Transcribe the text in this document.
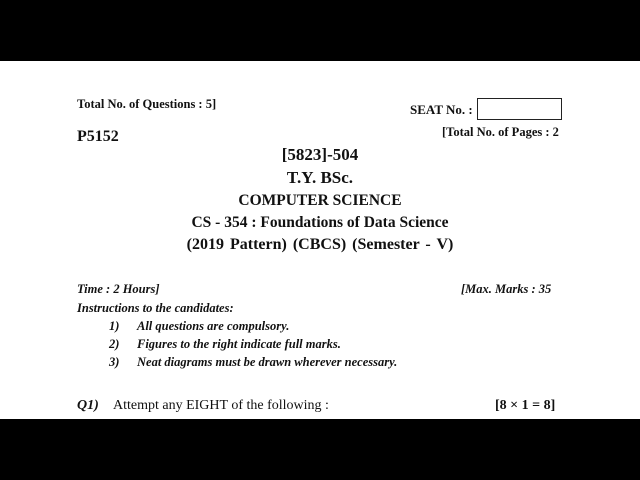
Total No. of Questions : 5]	SEAT No. :
[Total No. of Pages : 2
P5152
[5823]-504
T.Y. BSc.
COMPUTER SCIENCE
CS - 354 : Foundations of Data Science
(2019 Pattern) (CBCS) (Semester - V)
Time : 2 Hours]	[Max. Marks : 35
Instructions to the candidates:
1) All questions are compulsory.
2) Figures to the right indicate full marks.
3) Neat diagrams must be drawn wherever necessary.
Q1) Attempt any EIGHT of the following :	[8 × 1 = 8]
